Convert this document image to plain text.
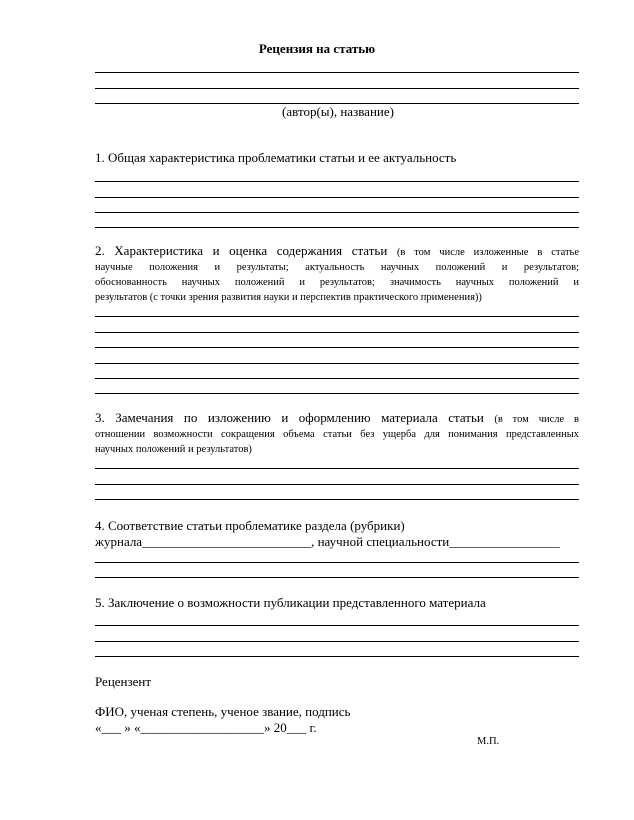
Рецензия на статью
(автор(ы), название)
1. Общая характеристика проблематики статьи и ее актуальность
2. Характеристика и оценка содержания статьи (в том числе изложенные в статье
научные положения и результаты; актуальность научных положений и результатов;
обоснованность научных положений и результатов; значимость научных положений и
результатов (с точки зрения развития науки и перспектив практического применения))
3. Замечания по изложению и оформлению материала статьи (в том числе в
отношении возможности сокращения объема статьи без ущерба для понимания представленных
научных положений и результатов)
4. Соответствие статьи проблематике раздела (рубрики)
журнала__________________________, научной специальности_________________
5. Заключение о возможности публикации представленного материала
Рецензент
ФИО, ученая степень, ученое звание, подпись
«___ » «___________________» 20___ г.
М.П.
